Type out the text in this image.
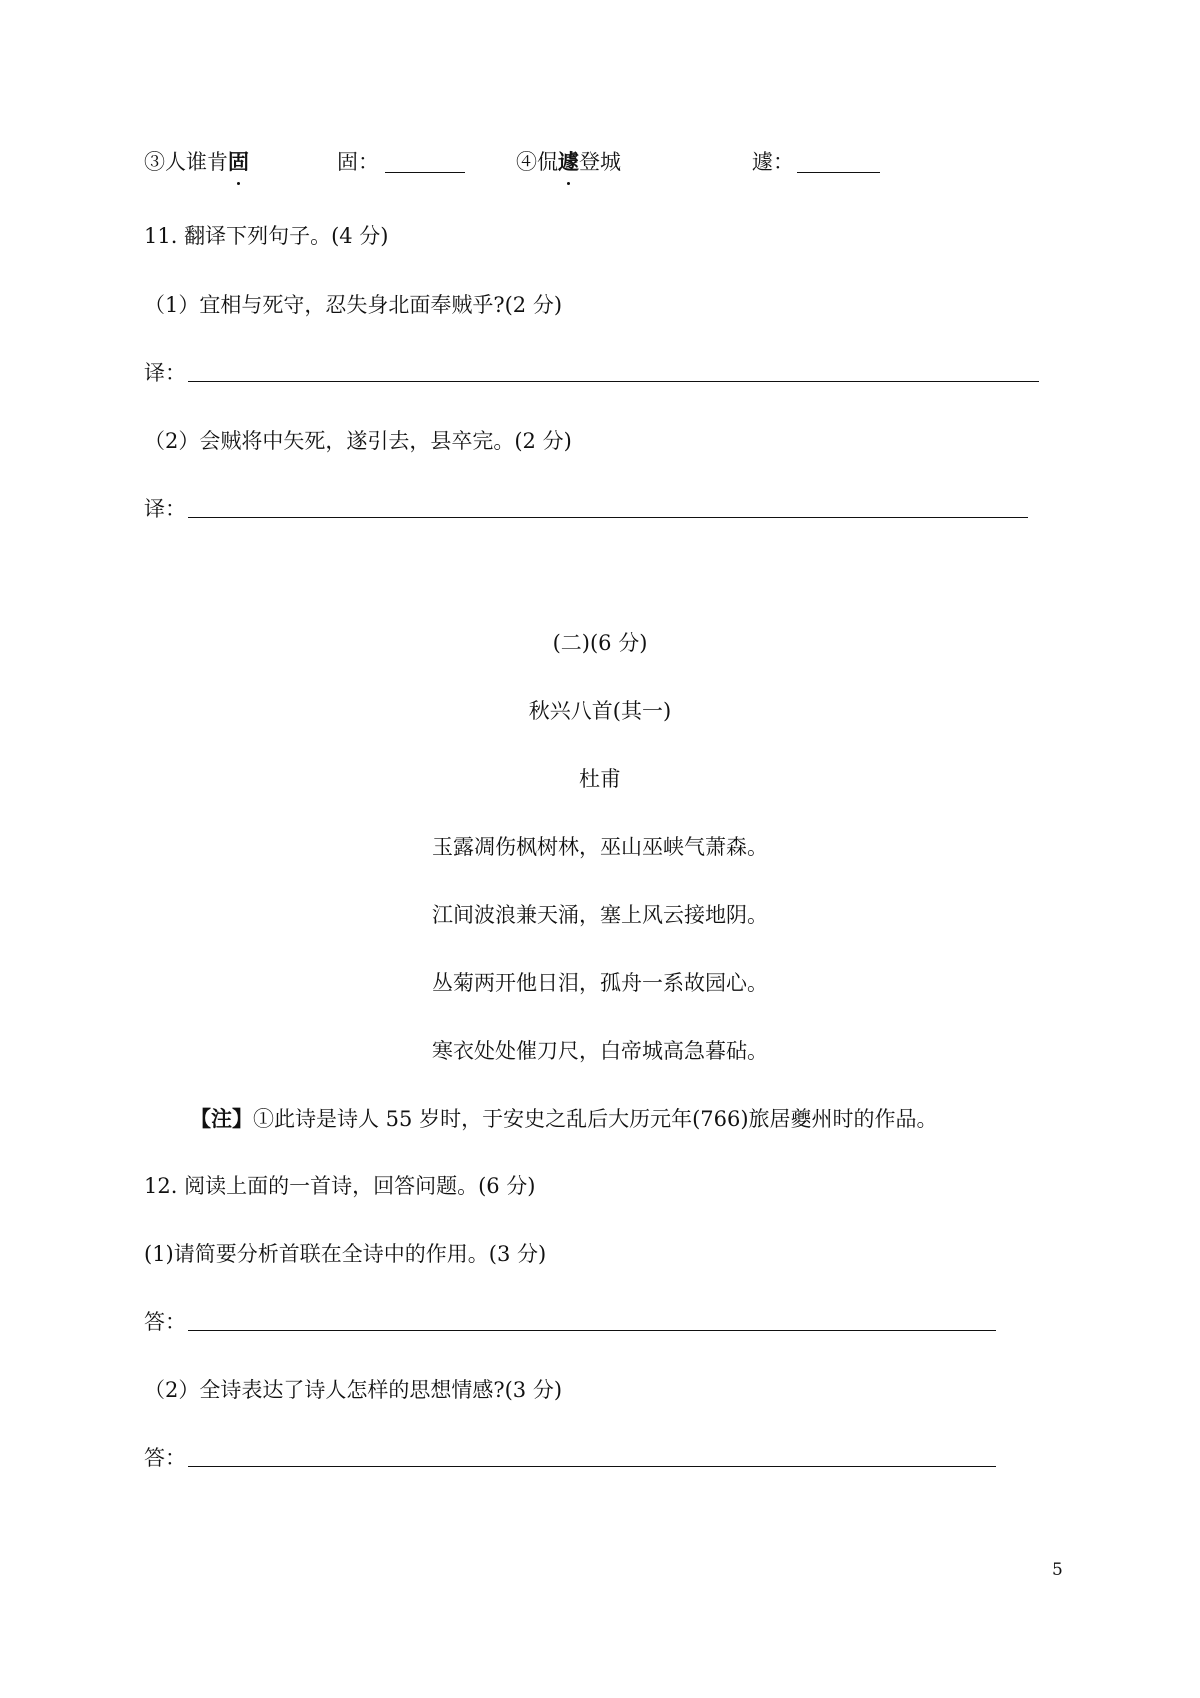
③人谁肯固	固：	④侃遽登城	遽：
11. 翻译下列句子。(4 分)
（1）宜相与死守，忍失身北面奉贼乎?(2 分)
译：
（2）会贼将中矢死，遂引去，县卒完。(2 分)
译：
(二)(6 分)
秋兴八首(其一)
杜甫
玉露凋伤枫树林，巫山巫峡气萧森。
江间波浪兼天涌，塞上风云接地阴。
丛菊两开他日泪，孤舟一系故园心。
寒衣处处催刀尺，白帝城高急暮砧。
【注】①此诗是诗人 55 岁时，于安史之乱后大历元年(766)旅居夔州时的作品。
12. 阅读上面的一首诗，回答问题。(6 分)
(1)请简要分析首联在全诗中的作用。(3 分)
答：
（2）全诗表达了诗人怎样的思想情感?(3 分)
答：
5
